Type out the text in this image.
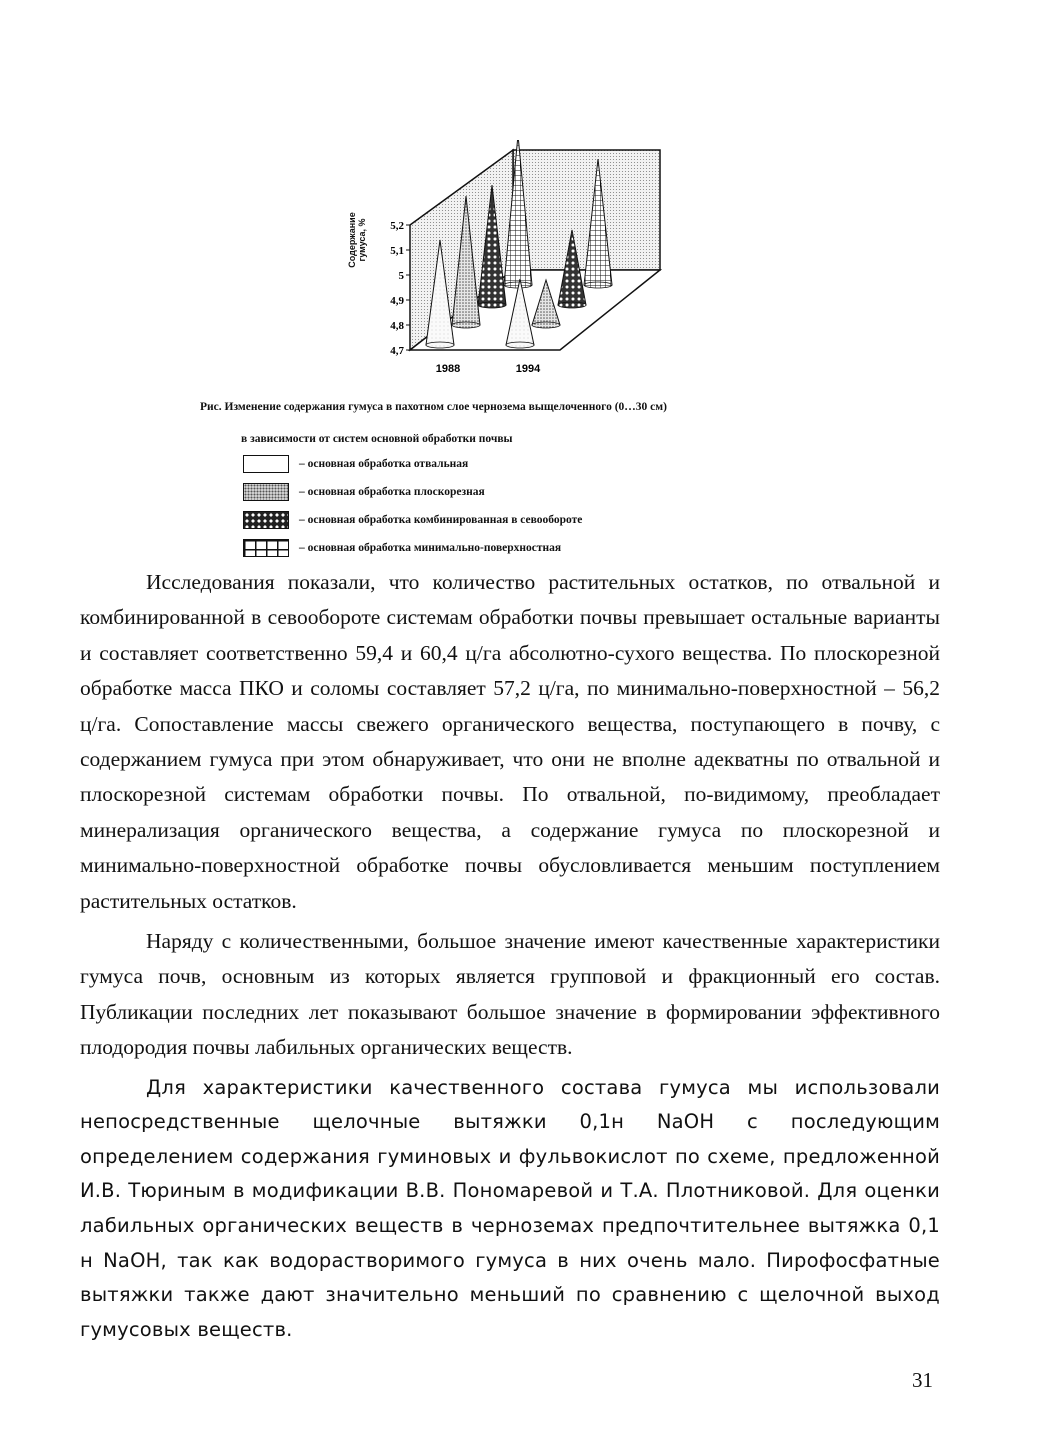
5,2
5,1
5
4,9
4,8
4,7
1988	1994
Содержание гумуса, %
Рис. Изменение содержания гумуса в пахотном слое чернозема выщелоченного (0…30 см)
в зависимости от систем основной обработки почвы
– основная обработка отвальная
– основная обработка плоскорезная
– основная обработка комбинированная в севообороте
– основная обработка минимально-поверхностная

Исследования показали, что количество растительных остатков, по отвальной и комбинированной в севообороте системам обработки почвы превышает остальные варианты и составляет соответственно 59,4 и 60,4 ц/га абсолютно-сухого вещества. По плоскорезной обработке масса ПКО и соломы составляет 57,2 ц/га, по минимально-поверхностной – 56,2 ц/га. Сопоставление массы свежего органического вещества, поступающего в почву, с содержанием гумуса при этом обнаруживает, что они не вполне адекватны по отвальной и плоскорезной системам обработки почвы. По отвальной, по-видимому, преобладает минерализация органического вещества, а содержание гумуса по плоскорезной и минимально-поверхностной обработке почвы обусловливается меньшим поступлением растительных остатков.

Наряду с количественными, большое значение имеют качественные характеристики гумуса почв, основным из которых является групповой и фракционный его состав. Публикации последних лет показывают большое значение в формировании эффективного плодородия почвы лабильных органических веществ.

Для характеристики качественного состава гумуса мы использовали непосредственные щелочные вытяжки 0,1н NaOH с последующим определением содержания гуминовых и фульвокислот по схеме, предложенной И.В. Тюриным в модификации В.В. Пономаревой и Т.А. Плотниковой. Для оценки лабильных органических веществ в черноземах предпочтительнее вытяжка 0,1 н NaOH, так как водорастворимого гумуса в них очень мало. Пирофосфатные вытяжки также дают значительно меньший по сравнению с щелочной выход гумусовых веществ.

31
